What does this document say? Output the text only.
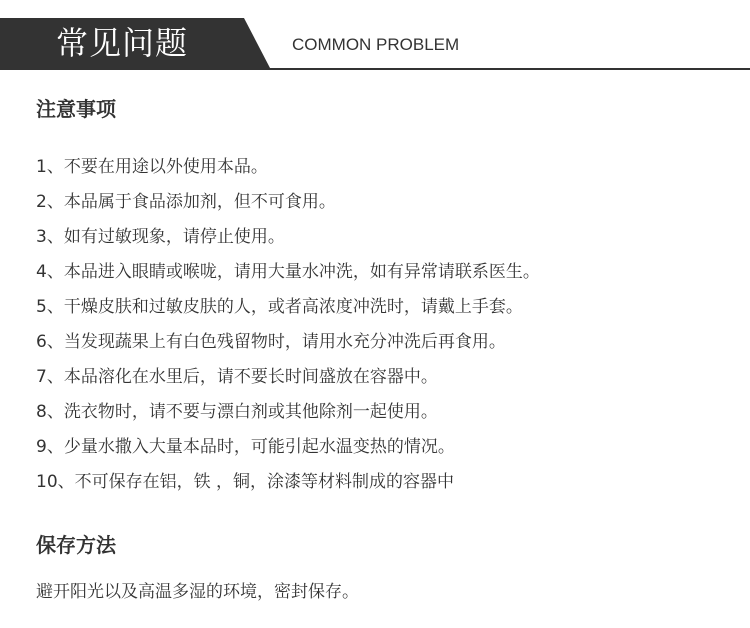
常见问题	COMMON PROBLEM
注意事项
1、不要在用途以外使用本品。
2、本品属于食品添加剂，但不可食用。
3、如有过敏现象，请停止使用。
4、本品进入眼睛或喉咙，请用大量水冲洗，如有异常请联系医生。
5、干燥皮肤和过敏皮肤的人，或者高浓度冲洗时，请戴上手套。
6、当发现蔬果上有白色残留物时，请用水充分冲洗后再食用。
7、本品溶化在水里后，请不要长时间盛放在容器中。
8、洗衣物时，请不要与漂白剂或其他除剂一起使用。
9、少量水撒入大量本品时，可能引起水温变热的情况。
10、不可保存在铝，铁 ，铜，涂漆等材料制成的容器中
保存方法
避开阳光以及高温多湿的环境，密封保存。
